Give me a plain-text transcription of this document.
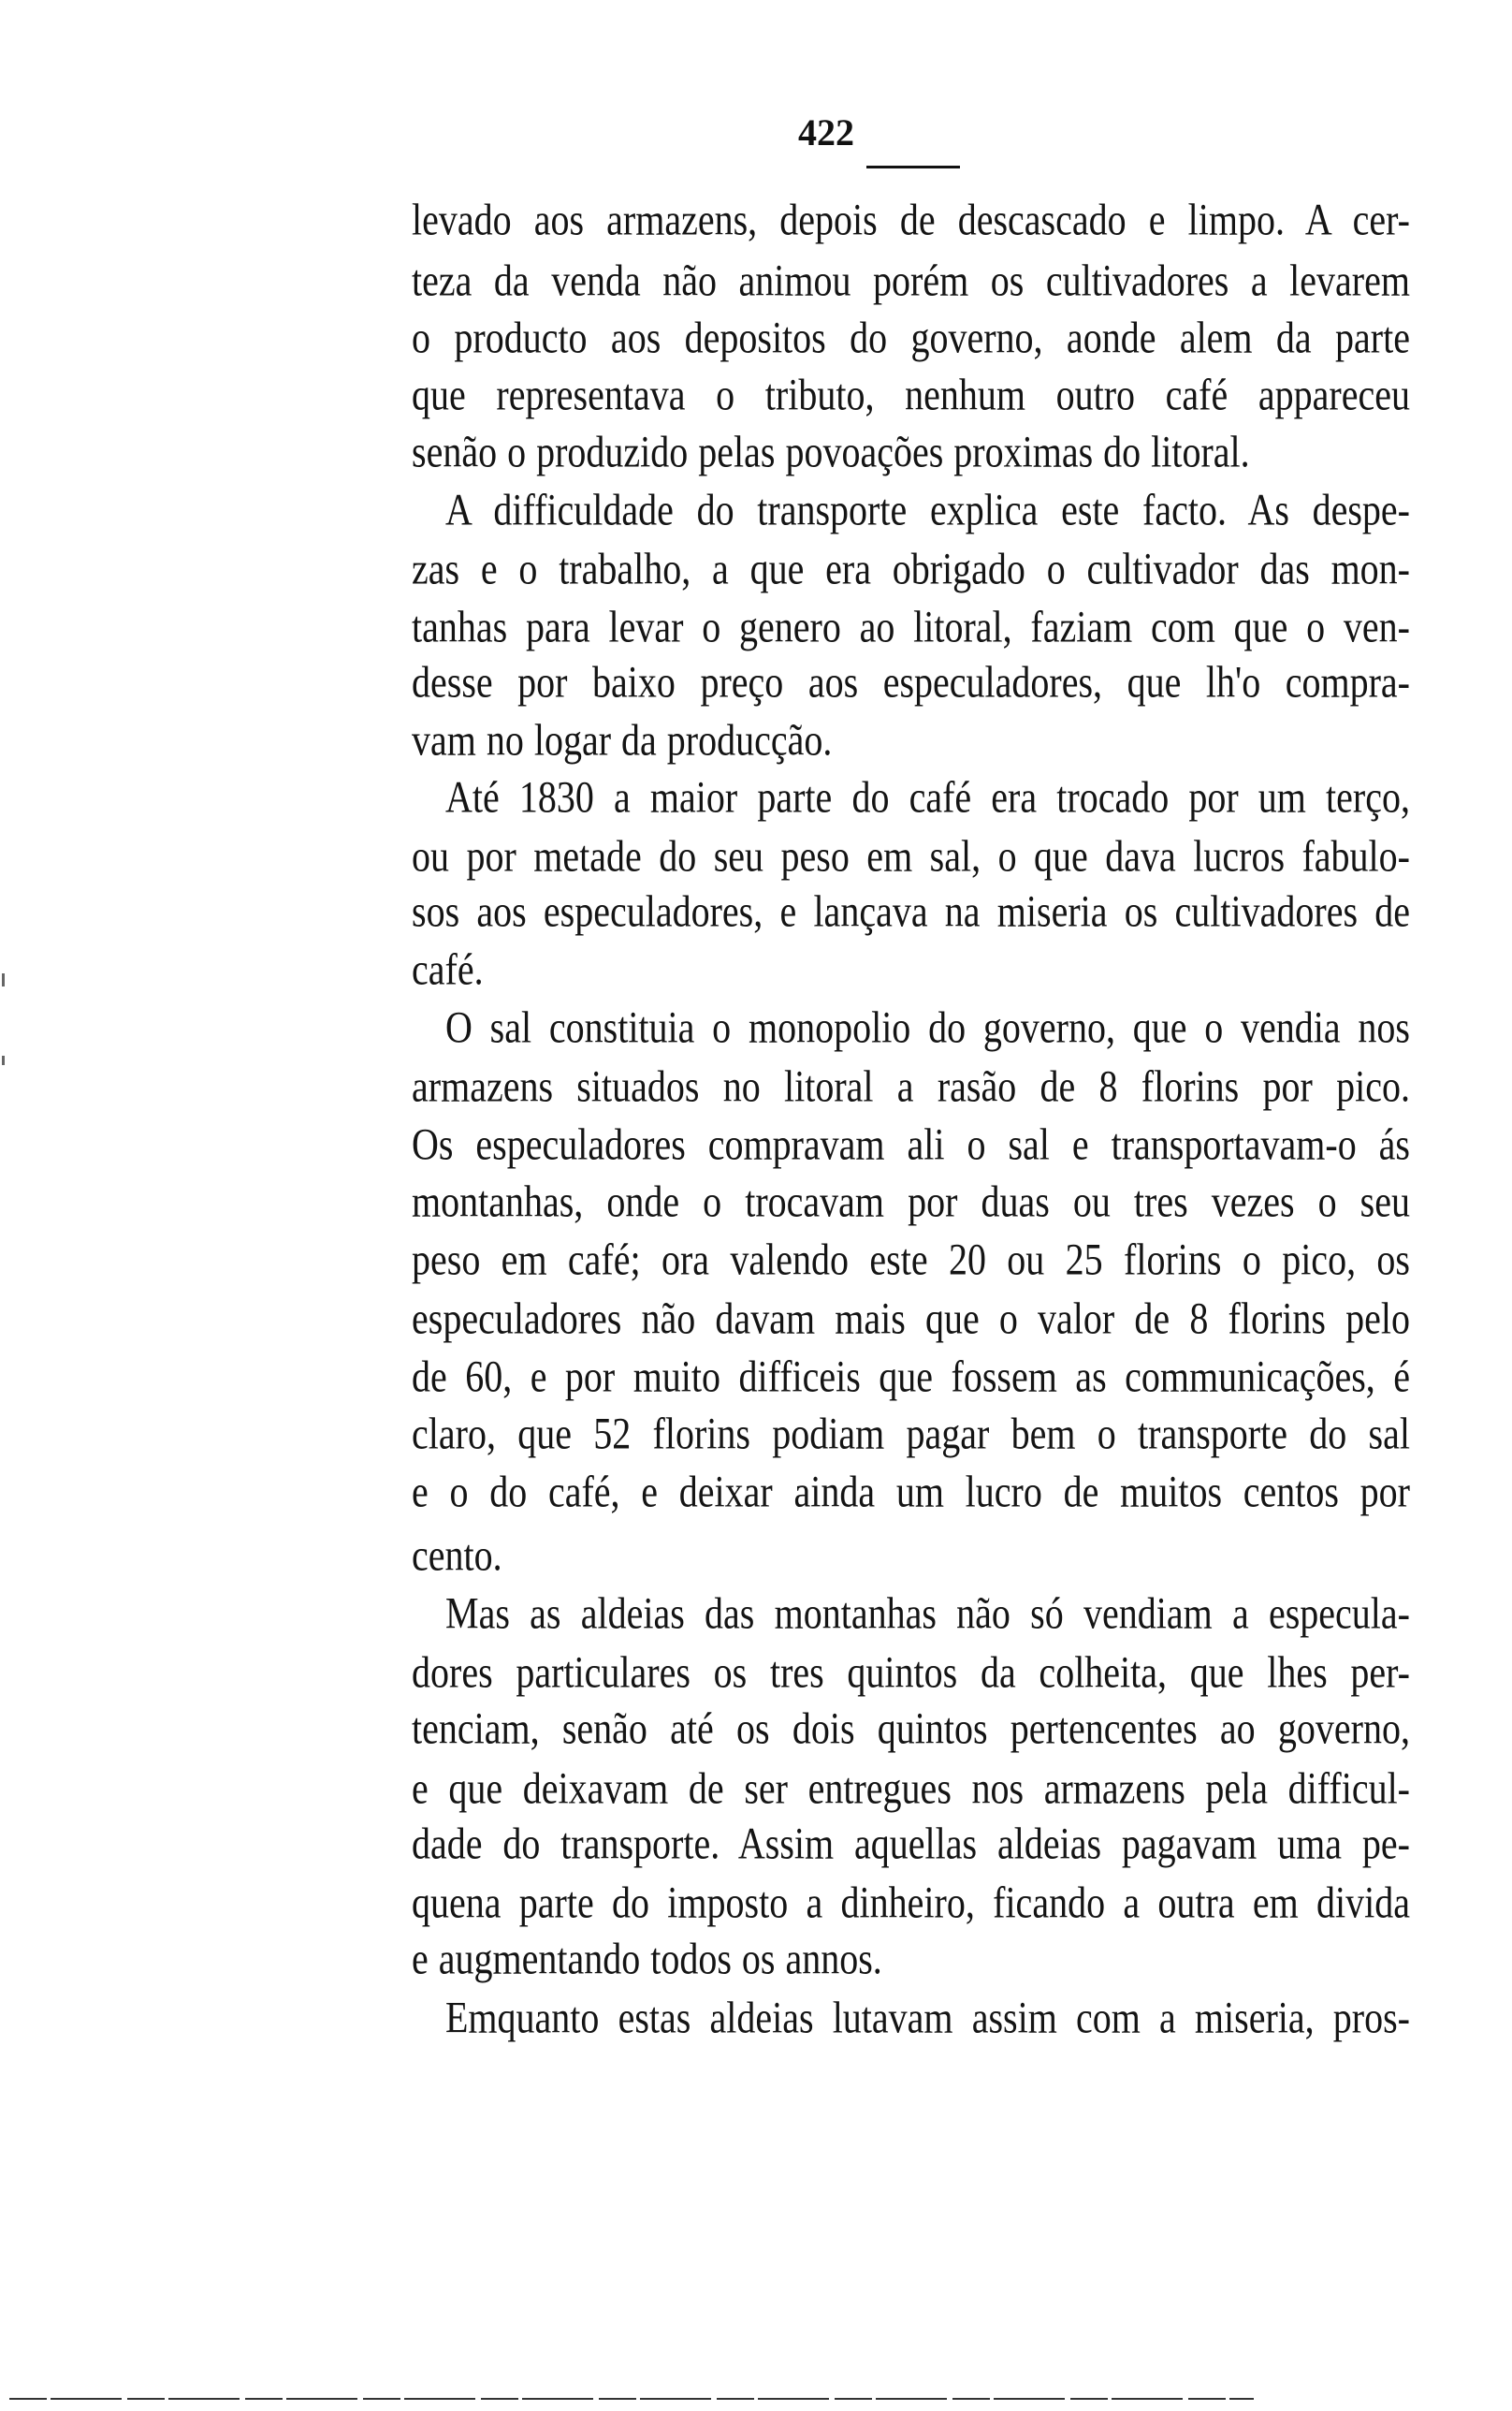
422
levado aos armazens, depois de descascado e limpo. A cer-
teza da venda não animou porém os cultivadores a levarem
o producto aos depositos do governo, aonde alem da parte
que representava o tributo, nenhum outro café appareceu
senão o produzido pelas povoações proximas do litoral.
A difficuldade do transporte explica este facto. As despe-
zas e o trabalho, a que era obrigado o cultivador das mon-
tanhas para levar o genero ao litoral, faziam com que o ven-
desse por baixo preço aos especuladores, que lh'o compra-
vam no logar da producção.
Até 1830 a maior parte do café era trocado por um terço,
ou por metade do seu peso em sal, o que dava lucros fabulo-
sos aos especuladores, e lançava na miseria os cultivadores de
café.
O sal constituia o monopolio do governo, que o vendia nos
armazens situados no litoral a rasão de 8 florins por pico.
Os especuladores compravam ali o sal e transportavam-o ás
montanhas, onde o trocavam por duas ou tres vezes o seu
peso em café; ora valendo este 20 ou 25 florins o pico, os
especuladores não davam mais que o valor de 8 florins pelo
de 60, e por muito difficeis que fossem as communicações, é
claro, que 52 florins podiam pagar bem o transporte do sal
e o do café, e deixar ainda um lucro de muitos centos por
cento.
Mas as aldeias das montanhas não só vendiam a especula-
dores particulares os tres quintos da colheita, que lhes per-
tenciam, senão até os dois quintos pertencentes ao governo,
e que deixavam de ser entregues nos armazens pela difficul-
dade do transporte. Assim aquellas aldeias pagavam uma pe-
quena parte do imposto a dinheiro, ficando a outra em divida
e augmentando todos os annos.
Emquanto estas aldeias lutavam assim com a miseria, pros-
